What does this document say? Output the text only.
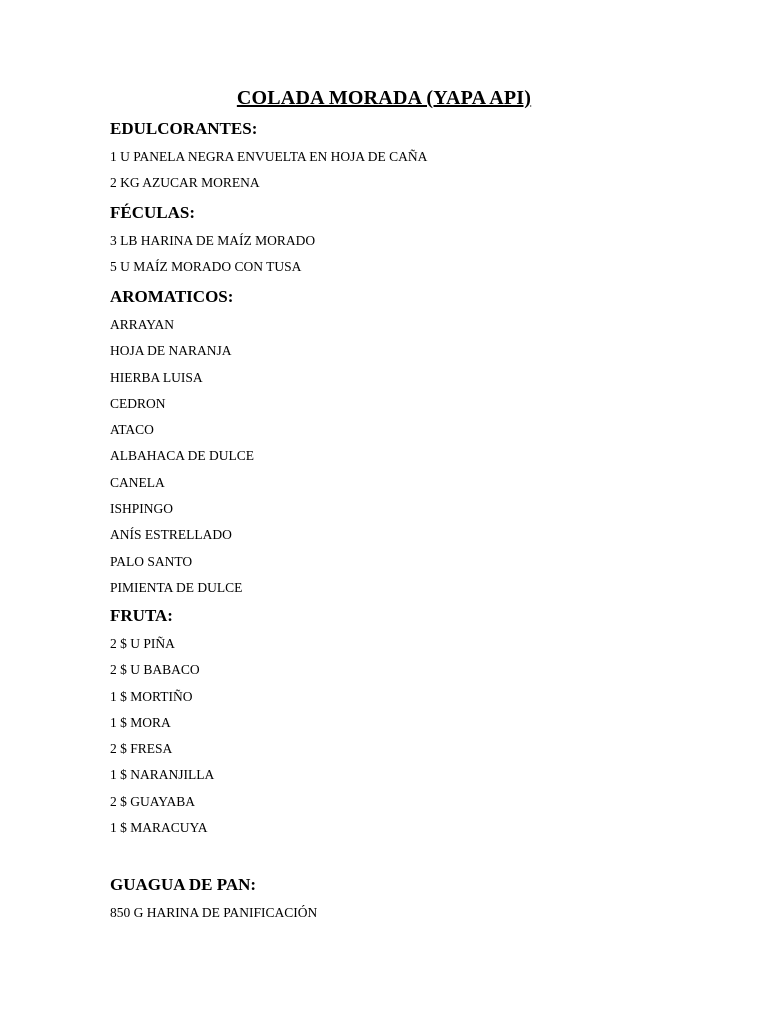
COLADA MORADA (YAPA API)
EDULCORANTES:
1 U PANELA NEGRA ENVUELTA EN HOJA DE CAÑA
2 KG AZUCAR MORENA
FÉCULAS:
3 LB HARINA DE MAÍZ MORADO
5 U MAÍZ MORADO CON TUSA
AROMATICOS:
ARRAYAN
HOJA DE NARANJA
HIERBA LUISA
CEDRON
ATACO
ALBAHACA DE DULCE
CANELA
ISHPINGO
ANÍS ESTRELLADO
PALO SANTO
PIMIENTA DE DULCE
FRUTA:
2 $ U PIÑA
2 $ U BABACO
1 $ MORTIÑO
1 $ MORA
2 $ FRESA
1 $ NARANJILLA
2 $ GUAYABA
1 $ MARACUYA
GUAGUA DE PAN:
850 G HARINA DE PANIFICACIÓN
